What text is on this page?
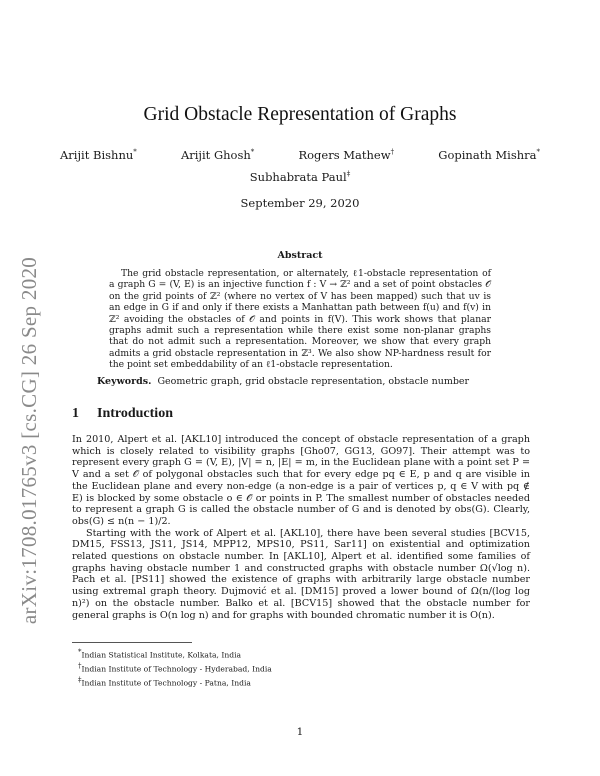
arXiv:1708.01765v3 [cs.CG] 26 Sep 2020
Grid Obstacle Representation of Graphs
Arijit Bishnu*	Arijit Ghosh*	Rogers Mathew†	Gopinath Mishra*
Subhabrata Paul‡
September 29, 2020
Abstract
The grid obstacle representation, or alternately, ℓ1-obstacle representation of a graph G = (V, E) is an injective function f : V → ℤ² and a set of point obstacles 𝒪 on the grid points of ℤ² (where no vertex of V has been mapped) such that uv is an edge in G if and only if there exists a Manhattan path between f(u) and f(v) in ℤ² avoiding the obstacles of 𝒪 and points in f(V). This work shows that planar graphs admit such a representation while there exist some non-planar graphs that do not admit such a representation. Moreover, we show that every graph admits a grid obstacle representation in ℤ³. We also show NP-hardness result for the point set embeddability of an ℓ1-obstacle representation.
Keywords. Geometric graph, grid obstacle representation, obstacle number
1 Introduction

In 2010, Alpert et al. [AKL10] introduced the concept of obstacle representation of a graph which is closely related to visibility graphs [Gho07, GG13, GO97]. Their attempt was to represent every graph G = (V, E), |V| = n, |E| = m, in the Euclidean plane with a point set P = V and a set 𝒪 of polygonal obstacles such that for every edge pq ∈ E, p and q are visible in the Euclidean plane and every non-edge (a non-edge is a pair of vertices p, q ∈ V with pq ∉ E) is blocked by some obstacle o ∈ 𝒪 or points in P. The smallest number of obstacles needed to represent a graph G is called the obstacle number of G and is denoted by obs(G). Clearly, obs(G) ≤ n(n − 1)/2.

Starting with the work of Alpert et al. [AKL10], there have been several studies [BCV15, DM15, FSS13, JS11, JS14, MPP12, MPS10, PS11, Sar11] on existential and optimization related questions on obstacle number. In [AKL10], Alpert et al. identified some families of graphs having obstacle number 1 and constructed graphs with obstacle number Ω(√log n). Pach et al. [PS11] showed the existence of graphs with arbitrarily large obstacle number using extremal graph theory. Dujmović et al. [DM15] proved a lower bound of Ω(n/(log log n)²) on the obstacle number. Balko et al. [BCV15] showed that the obstacle number for general graphs is O(n log n) and for graphs with bounded chromatic number it is O(n).

*Indian Statistical Institute, Kolkata, India
†Indian Institute of Technology - Hyderabad, India
‡Indian Institute of Technology - Patna, India
1
